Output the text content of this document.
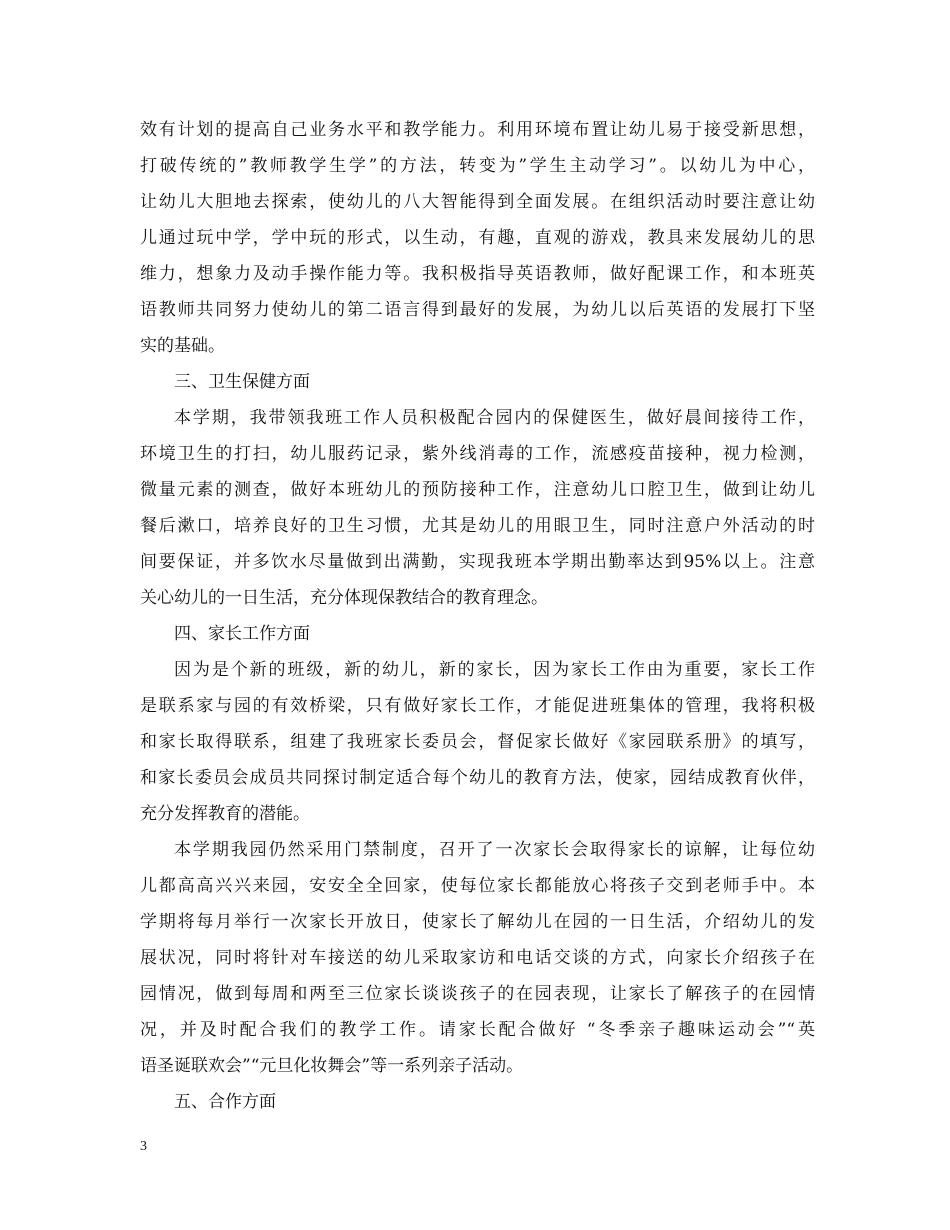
效有计划的提高自己业务水平和教学能力。利用环境布置让幼儿易于接受新思想，

打破传统的”教师教学生学”的方法，转变为”学生主动学习”。以幼儿为中心，

让幼儿大胆地去探索，使幼儿的八大智能得到全面发展。在组织活动时要注意让幼

儿通过玩中学，学中玩的形式，以生动，有趣，直观的游戏，教具来发展幼儿的思

维力，想象力及动手操作能力等。我积极指导英语教师，做好配课工作，和本班英

语教师共同努力使幼儿的第二语言得到最好的发展，为幼儿以后英语的发展打下坚

实的基础。

三、卫生保健方面

本学期，我带领我班工作人员积极配合园内的保健医生，做好晨间接待工作，

环境卫生的打扫，幼儿服药记录，紫外线消毒的工作，流感疫苗接种，视力检测，

微量元素的测查，做好本班幼儿的预防接种工作，注意幼儿口腔卫生，做到让幼儿

餐后漱口，培养良好的卫生习惯，尤其是幼儿的用眼卫生，同时注意户外活动的时

间要保证，并多饮水尽量做到出满勤，实现我班本学期出勤率达到95%以上。注意

关心幼儿的一日生活，充分体现保教结合的教育理念。

四、家长工作方面

因为是个新的班级，新的幼儿，新的家长，因为家长工作由为重要，家长工作

是联系家与园的有效桥梁，只有做好家长工作，才能促进班集体的管理，我将积极

和家长取得联系，组建了我班家长委员会，督促家长做好《家园联系册》的填写，

和家长委员会成员共同探讨制定适合每个幼儿的教育方法，使家，园结成教育伙伴，

充分发挥教育的潜能。

本学期我园仍然采用门禁制度，召开了一次家长会取得家长的谅解，让每位幼

儿都高高兴兴来园，安安全全回家，使每位家长都能放心将孩子交到老师手中。本

学期将每月举行一次家长开放日，使家长了解幼儿在园的一日生活，介绍幼儿的发

展状况，同时将针对车接送的幼儿采取家访和电话交谈的方式，向家长介绍孩子在

园情况，做到每周和两至三位家长谈谈孩子的在园表现，让家长了解孩子的在园情

况，并及时配合我们的教学工作。请家长配合做好 “冬季亲子趣味运动会”“英

语圣诞联欢会”“元旦化妆舞会”等一系列亲子活动。

五、合作方面

3
